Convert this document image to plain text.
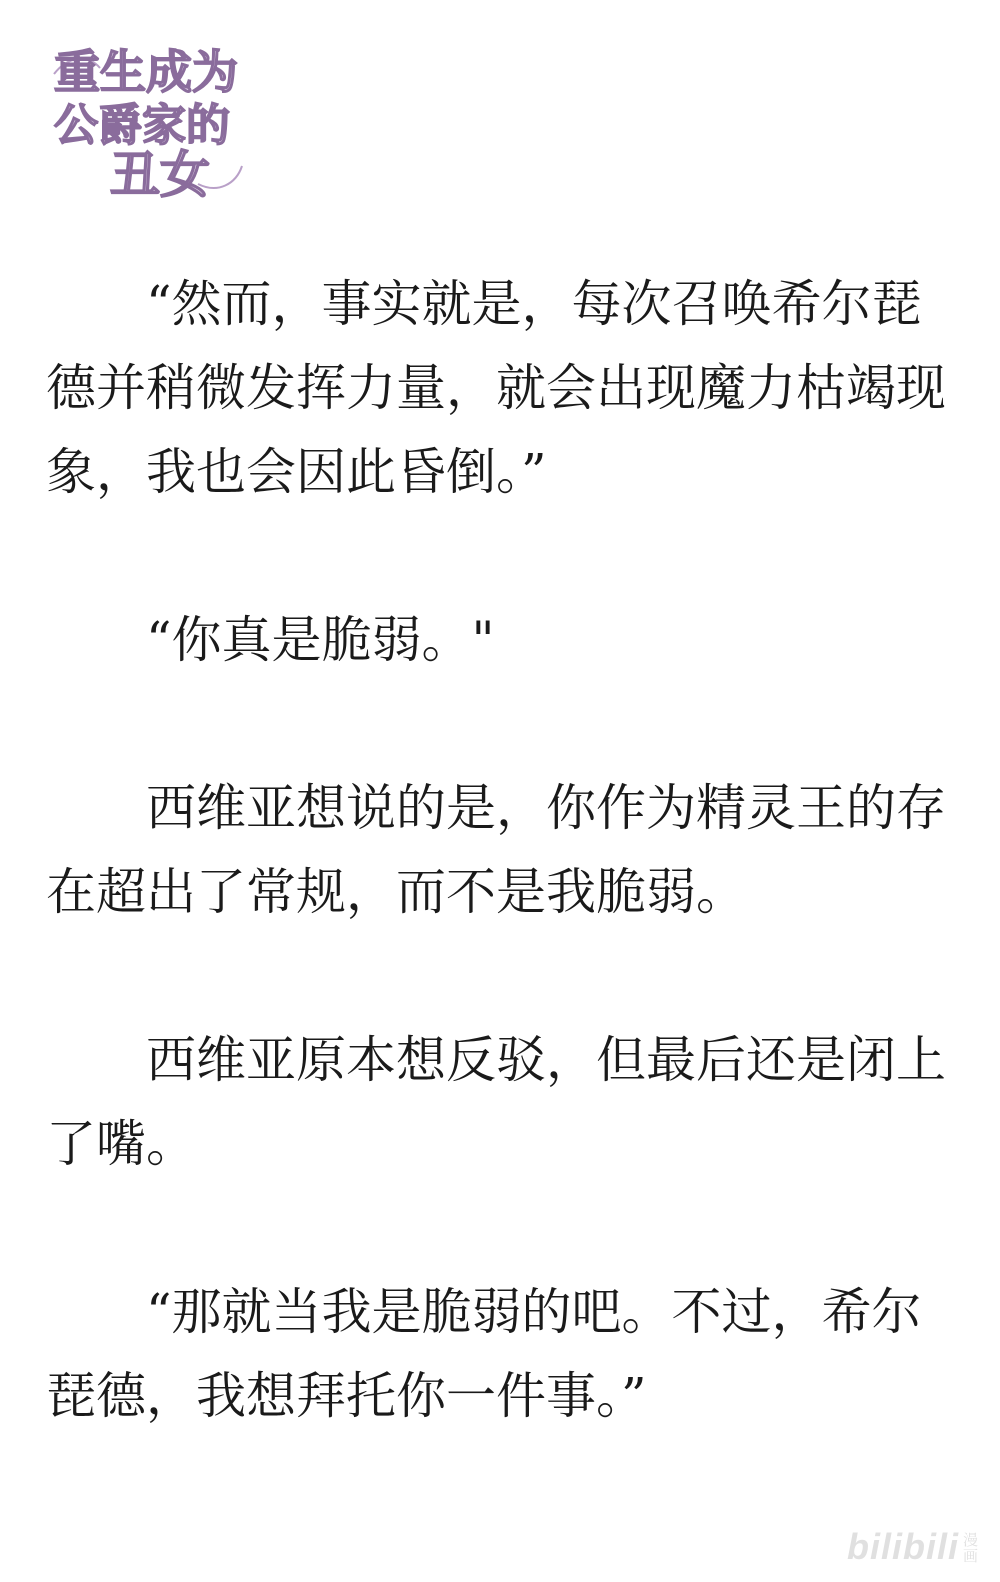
重生成为
公爵家的
丑女

“然而，事实就是，每次召唤希尔琵德并稍微发挥力量，就会出现魔力枯竭现象，我也会因此昏倒。”

“你真是脆弱。"

西维亚想说的是，你作为精灵王的存在超出了常规，而不是我脆弱。

西维亚原本想反驳，但最后还是闭上了嘴。

“那就当我是脆弱的吧。不过，希尔琵德，我想拜托你一件事。”

bilibili 漫
画
